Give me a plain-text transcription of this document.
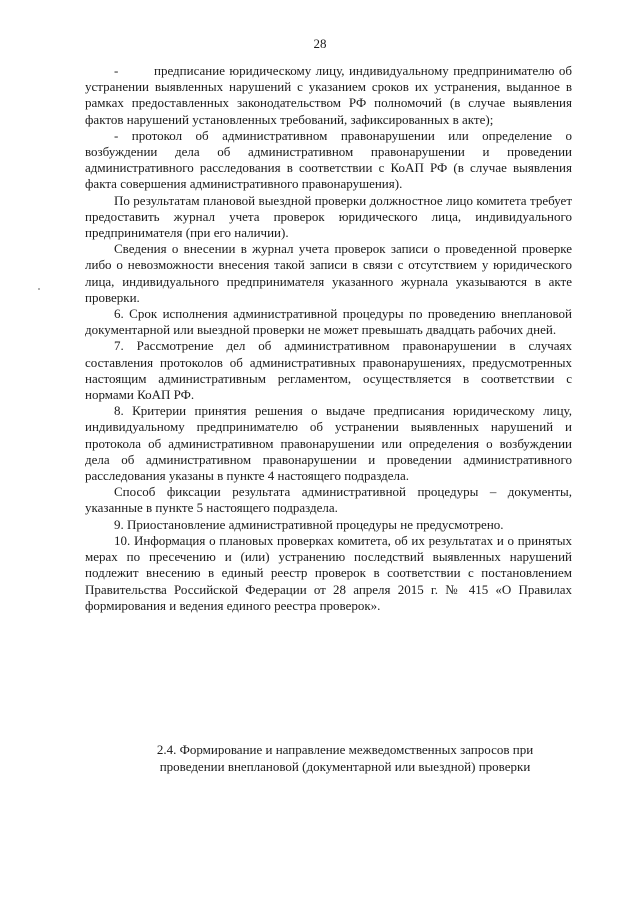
28

-        предписание юридическому лицу, индивидуальному предпринимателю об устранении выявленных нарушений с указанием сроков их устранения, выданное в рамках предоставленных законодательством РФ полномочий (в случае выявления фактов нарушений установленных требований, зафиксированных в акте);

- протокол об административном правонарушении или определение о возбуждении дела об административном правонарушении и проведении административного расследования в соответствии с КоАП РФ (в случае выявления факта совершения административного правонарушения).

По результатам плановой выездной проверки должностное лицо комитета требует предоставить журнал учета проверок юридического лица, индивидуального предпринимателя (при его наличии).

Сведения о внесении в журнал учета проверок записи о проведенной проверке либо о невозможности внесения такой записи в связи с отсутствием у юридического лица, индивидуального предпринимателя указанного журнала указываются в акте проверки.

6. Срок исполнения административной процедуры по проведению внеплановой документарной или выездной проверки не может превышать двадцать рабочих дней.

7. Рассмотрение дел об административном правонарушении в случаях составления протоколов об административных правонарушениях, предусмотренных настоящим административным регламентом, осуществляется в соответствии с нормами КоАП РФ.

8. Критерии принятия решения о выдаче предписания юридическому лицу, индивидуальному предпринимателю об устранении выявленных нарушений и протокола об административном правонарушении или определения о возбуждении дела об административном правонарушении и проведении административного расследования указаны в пункте 4 настоящего подраздела.

Способ фиксации результата административной процедуры – документы, указанные в пункте 5 настоящего подраздела.

9. Приостановление административной процедуры не предусмотрено.

10. Информация о плановых проверках комитета, об их результатах и о принятых мерах по пресечению и (или) устранению последствий выявленных нарушений подлежит внесению в единый реестр проверок в соответствии с постановлением Правительства Российской Федерации от 28 апреля 2015 г. № 415 «О Правилах формирования и ведения единого реестра проверок».

2.4. Формирование и направление межведомственных запросов при проведении внеплановой (документарной или выездной) проверки
